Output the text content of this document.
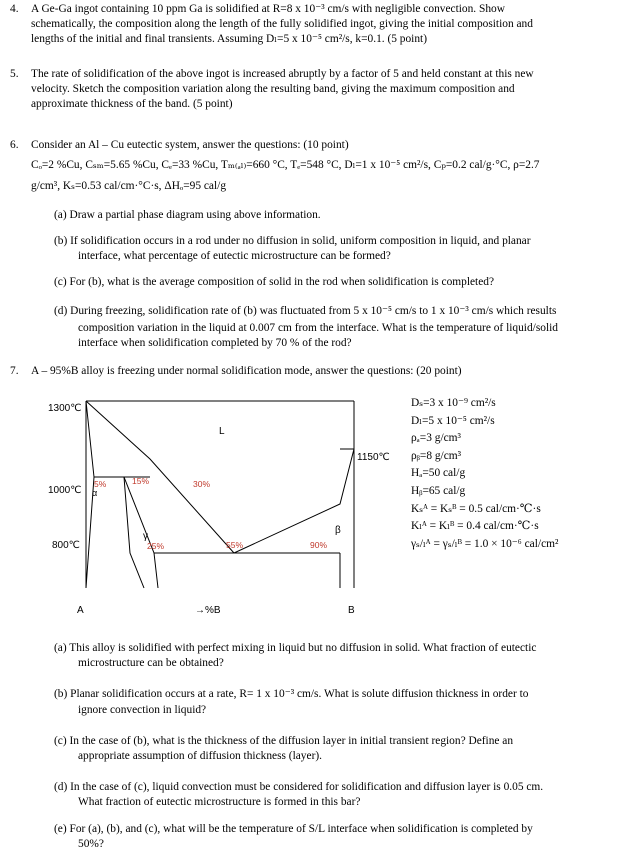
4. A Ge-Ga ingot containing 10 ppm Ga is solidified at R=8 x 10⁻³ cm/s with negligible convection. Show
schematically, the composition along the length of the fully solidified ingot, giving the initial composition and
lengths of the initial and final transients. Assuming Dₗ=5 x 10⁻⁵ cm²/s, k=0.1. (5 point)
5. The rate of solidification of the above ingot is increased abruptly by a factor of 5 and held constant at this new
velocity. Sketch the composition variation along the resulting band, giving the maximum composition and
approximate thickness of the band. (5 point)
6. Consider an Al – Cu eutectic system, answer the questions: (10 point)
Cₒ=2 %Cu, Cₛₘ=5.65 %Cu, Cₑ=33 %Cu, Tₘ₍ₐₗ₎=660 °C, Tₑ=548 °C, Dₗ=1 x 10⁻⁵ cm²/s, Cₚ=0.2 cal/g·°C, ρ=2.7
g/cm³, Kₛ=0.53 cal/cm·°C·s, ΔHₒ=95 cal/g
(a) Draw a partial phase diagram using above information.
(b) If solidification occurs in a rod under no diffusion in solid, uniform composition in liquid, and planar
interface, what percentage of eutectic microstructure can be formed?
(c) For (b), what is the average composition of solid in the rod when solidification is completed?
(d) During freezing, solidification rate of (b) was fluctuated from 5 x 10⁻⁵ cm/s to 1 x 10⁻³ cm/s which results
composition variation in the liquid at 0.007 cm from the interface. What is the temperature of liquid/solid
interface when solidification completed by 70 % of the rod?
7. A – 95%B alloy is freezing under normal solidification mode, answer the questions: (20 point)
1300℃
1000℃
800℃
1150℃
L
α
γ
β
5%	15%	30%
25%	55%	90%
A	→%B	B
Dₛ=3 x 10⁻⁹ cm²/s
Dₗ=5 x 10⁻⁵ cm²/s
ρₐ=3 g/cm³
ρᵦ=8 g/cm³
Hₐ=50 cal/g
Hᵦ=65 cal/g
Kₛᴬ = Kₛᴮ = 0.5 cal/cm·℃·s
Kₗᴬ = Kₗᴮ = 0.4 cal/cm·℃·s
γₛ/ₗᴬ = γₛ/ₗᴮ = 1.0 × 10⁻⁶ cal/cm²
(a) This alloy is solidified with perfect mixing in liquid but no diffusion in solid. What fraction of eutectic
microstructure can be obtained?
(b) Planar solidification occurs at a rate, R= 1 x 10⁻³ cm/s. What is solute diffusion thickness in order to
ignore convection in liquid?
(c) In the case of (b), what is the thickness of the diffusion layer in initial transient region? Define an
appropriate assumption of diffusion thickness (layer).
(d) In the case of (c), liquid convection must be considered for solidification and diffusion layer is 0.05 cm.
What fraction of eutectic microstructure is formed in this bar?
(e) For (a), (b), and (c), what will be the temperature of S/L interface when solidification is completed by
50%?
